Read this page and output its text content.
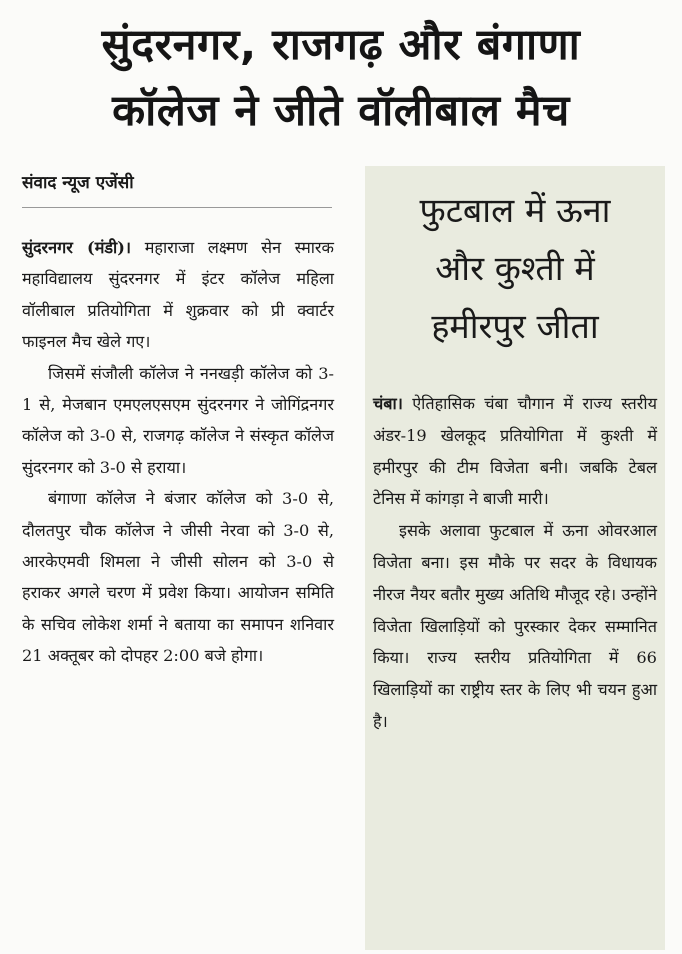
सुंदरनगर, राजगढ़ और बंगाणा
कॉलेज ने जीते वॉलीबाल मैच
संवाद न्यूज एजेंसी

सुंदरनगर (मंडी)। महाराजा लक्ष्मण सेन स्मारक महाविद्यालय सुंदरनगर में इंटर कॉलेज महिला वॉलीबाल प्रतियोगिता में शुक्रवार को प्री क्वार्टर फाइनल मैच खेले गए।

जिसमें संजौली कॉलेज ने ननखड़ी कॉलेज को 3-1 से, मेजबान एमएलएसएम सुंदरनगर ने जोगिंद्रनगर कॉलेज को 3-0 से, राजगढ़ कॉलेज ने संस्कृत कॉलेज सुंदरनगर को 3-0 से हराया।

बंगाणा कॉलेज ने बंजार कॉलेज को 3-0 से, दौलतपुर चौक कॉलेज ने जीसी नेरवा को 3-0 से, आरकेएमवी शिमला ने जीसी सोलन को 3-0 से हराकर अगले चरण में प्रवेश किया। आयोजन समिति के सचिव लोकेश शर्मा ने बताया का समापन शनिवार 21 अक्तूबर को दोपहर 2:00 बजे होगा।

फुटबाल में ऊना
और कुश्ती में
हमीरपुर जीता

चंबा। ऐतिहासिक चंबा चौगान में राज्य स्तरीय अंडर-19 खेलकूद प्रतियोगिता में कुश्ती में हमीरपुर की टीम विजेता बनी। जबकि टेबल टेनिस में कांगड़ा ने बाजी मारी।

इसके अलावा फुटबाल में ऊना ओवरआल विजेता बना। इस मौके पर सदर के विधायक नीरज नैयर बतौर मुख्य अतिथि मौजूद रहे। उन्होंने विजेता खिलाड़ियों को पुरस्कार देकर सम्मानित किया। राज्य स्तरीय प्रतियोगिता में 66 खिलाड़ियों का राष्ट्रीय स्तर के लिए भी चयन हुआ है।
